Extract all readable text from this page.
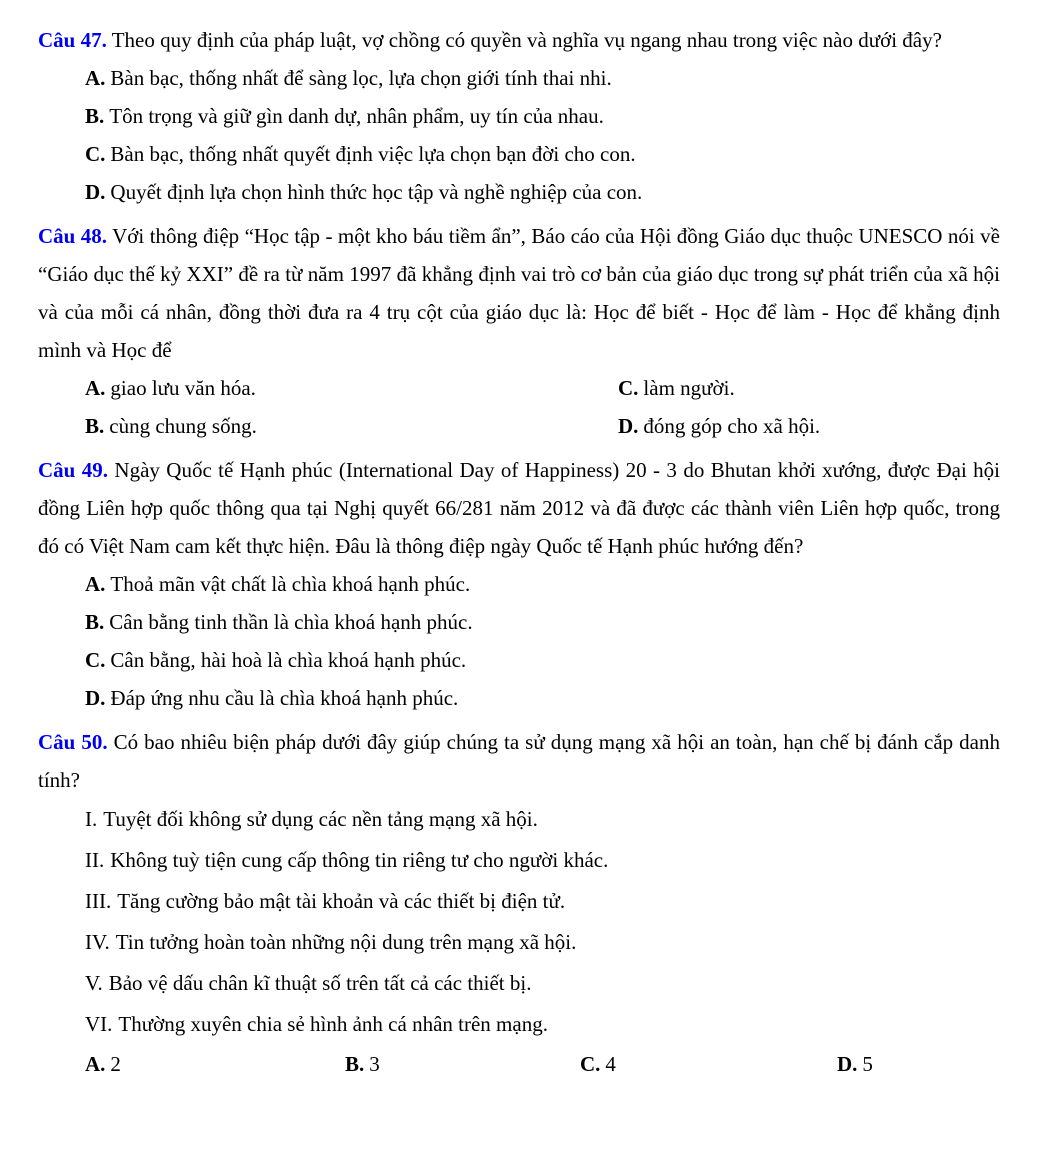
Câu 47. Theo quy định của pháp luật, vợ chồng có quyền và nghĩa vụ ngang nhau trong việc nào dưới đây?

A. Bàn bạc, thống nhất để sàng lọc, lựa chọn giới tính thai nhi.
B. Tôn trọng và giữ gìn danh dự, nhân phẩm, uy tín của nhau.
C. Bàn bạc, thống nhất quyết định việc lựa chọn bạn đời cho con.
D. Quyết định lựa chọn hình thức học tập và nghề nghiệp của con.

Câu 48. Với thông điệp “Học tập - một kho báu tiềm ẩn”, Báo cáo của Hội đồng Giáo dục thuộc UNESCO nói về “Giáo dục thế kỷ XXI” đề ra từ năm 1997 đã khẳng định vai trò cơ bản của giáo dục trong sự phát triển của xã hội và của mỗi cá nhân, đồng thời đưa ra 4 trụ cột của giáo dục là: Học để biết - Học để làm - Học để khẳng định mình và Học để

A. giao lưu văn hóa.	C. làm người.
B. cùng chung sống.	D. đóng góp cho xã hội.

Câu 49. Ngày Quốc tế Hạnh phúc (International Day of Happiness) 20 - 3 do Bhutan khởi xướng, được Đại hội đồng Liên hợp quốc thông qua tại Nghị quyết 66/281 năm 2012 và đã được các thành viên Liên hợp quốc, trong đó có Việt Nam cam kết thực hiện. Đâu là thông điệp ngày Quốc tế Hạnh phúc hướng đến?

A. Thoả mãn vật chất là chìa khoá hạnh phúc.
B. Cân bằng tinh thần là chìa khoá hạnh phúc.
C. Cân bằng, hài hoà là chìa khoá hạnh phúc.
D. Đáp ứng nhu cầu là chìa khoá hạnh phúc.

Câu 50. Có bao nhiêu biện pháp dưới đây giúp chúng ta sử dụng mạng xã hội an toàn, hạn chế bị đánh cắp danh tính?

I. Tuyệt đối không sử dụng các nền tảng mạng xã hội.
II. Không tuỳ tiện cung cấp thông tin riêng tư cho người khác.
III. Tăng cường bảo mật tài khoản và các thiết bị điện tử.
IV. Tin tưởng hoàn toàn những nội dung trên mạng xã hội.
V. Bảo vệ dấu chân kĩ thuật số trên tất cả các thiết bị.
VI. Thường xuyên chia sẻ hình ảnh cá nhân trên mạng.
A. 2	B. 3	C. 4	D. 5
